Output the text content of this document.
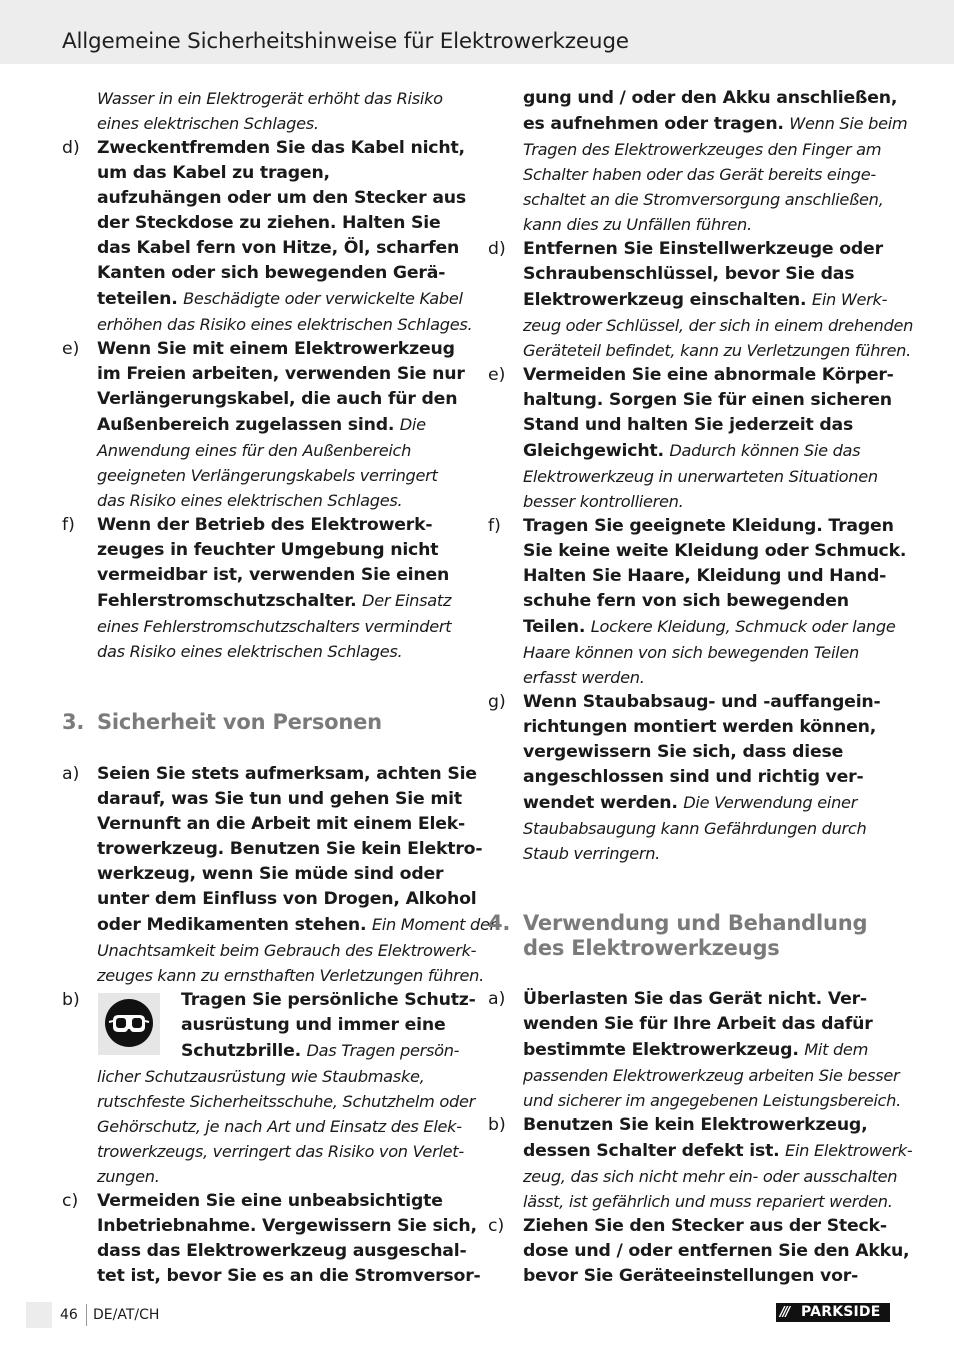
Allgemeine Sicherheitshinweise für Elektrowerkzeuge
Wasser in ein Elektrogerät erhöht das Risiko
eines elektrischen Schlages.
d) Zweckentfremden Sie das Kabel nicht,
um das Kabel zu tragen,
aufzuhängen oder um den Stecker aus
der Steckdose zu ziehen. Halten Sie
das Kabel fern von Hitze, Öl, scharfen
Kanten oder sich bewegenden Gerä-
teteilen. Beschädigte oder verwickelte Kabel
erhöhen das Risiko eines elektrischen Schlages.
e) Wenn Sie mit einem Elektrowerkzeug
im Freien arbeiten, verwenden Sie nur
Verlängerungskabel, die auch für den
Außenbereich zugelassen sind. Die
Anwendung eines für den Außenbereich
geeigneten Verlängerungskabels verringert
das Risiko eines elektrischen Schlages.
f) Wenn der Betrieb des Elektrowerk-
zeuges in feuchter Umgebung nicht
vermeidbar ist, verwenden Sie einen
Fehlerstromschutzschalter. Der Einsatz
eines Fehlerstromschutzschalters vermindert
das Risiko eines elektrischen Schlages.
3. Sicherheit von Personen
a) Seien Sie stets aufmerksam, achten Sie
darauf, was Sie tun und gehen Sie mit
Vernunft an die Arbeit mit einem Elek-
trowerkzeug. Benutzen Sie kein Elektro-
werkzeug, wenn Sie müde sind oder
unter dem Einfluss von Drogen, Alkohol
oder Medikamenten stehen. Ein Moment der
Unachtsamkeit beim Gebrauch des Elektrowerk-
zeuges kann zu ernsthaften Verletzungen führen.
b)	Tragen Sie persönliche Schutz-
ausrüstung und immer eine
Schutzbrille. Das Tragen persön-
licher Schutzausrüstung wie Staubmaske,
rutschfeste Sicherheitsschuhe, Schutzhelm oder
Gehörschutz, je nach Art und Einsatz des Elek-
trowerkzeugs, verringert das Risiko von Verlet-
zungen.
c) Vermeiden Sie eine unbeabsichtigte
Inbetriebnahme. Vergewissern Sie sich,
dass das Elektrowerkzeug ausgeschal-
tet ist, bevor Sie es an die Stromversor-
gung und / oder den Akku anschließen,
es aufnehmen oder tragen. Wenn Sie beim
Tragen des Elektrowerkzeuges den Finger am
Schalter haben oder das Gerät bereits einge-
schaltet an die Stromversorgung anschließen,
kann dies zu Unfällen führen.
d) Entfernen Sie Einstellwerkzeuge oder
Schraubenschlüssel, bevor Sie das
Elektrowerkzeug einschalten. Ein Werk-
zeug oder Schlüssel, der sich in einem drehenden
Geräteteil befindet, kann zu Verletzungen führen.
e) Vermeiden Sie eine abnormale Körper-
haltung. Sorgen Sie für einen sicheren
Stand und halten Sie jederzeit das
Gleichgewicht. Dadurch können Sie das
Elektrowerkzeug in unerwarteten Situationen
besser kontrollieren.
f) Tragen Sie geeignete Kleidung. Tragen
Sie keine weite Kleidung oder Schmuck.
Halten Sie Haare, Kleidung und Hand-
schuhe fern von sich bewegenden
Teilen. Lockere Kleidung, Schmuck oder lange
Haare können von sich bewegenden Teilen
erfasst werden.
g) Wenn Staubabsaug- und -auffangein-
richtungen montiert werden können,
vergewissern Sie sich, dass diese
angeschlossen sind und richtig ver-
wendet werden. Die Verwendung einer
Staubabsaugung kann Gefährdungen durch
Staub verringern.
4. Verwendung und Behandlung
des Elektrowerkzeugs
a) Überlasten Sie das Gerät nicht. Ver-
wenden Sie für Ihre Arbeit das dafür
bestimmte Elektrowerkzeug. Mit dem
passenden Elektrowerkzeug arbeiten Sie besser
und sicherer im angegebenen Leistungsbereich.
b) Benutzen Sie kein Elektrowerkzeug,
dessen Schalter defekt ist. Ein Elektrowerk-
zeug, das sich nicht mehr ein- oder ausschalten
lässt, ist gefährlich und muss repariert werden.
c) Ziehen Sie den Stecker aus der Steck-
dose und / oder entfernen Sie den Akku,
bevor Sie Geräteeinstellungen vor-
46 DE/AT/CH	/// PARKSIDE
